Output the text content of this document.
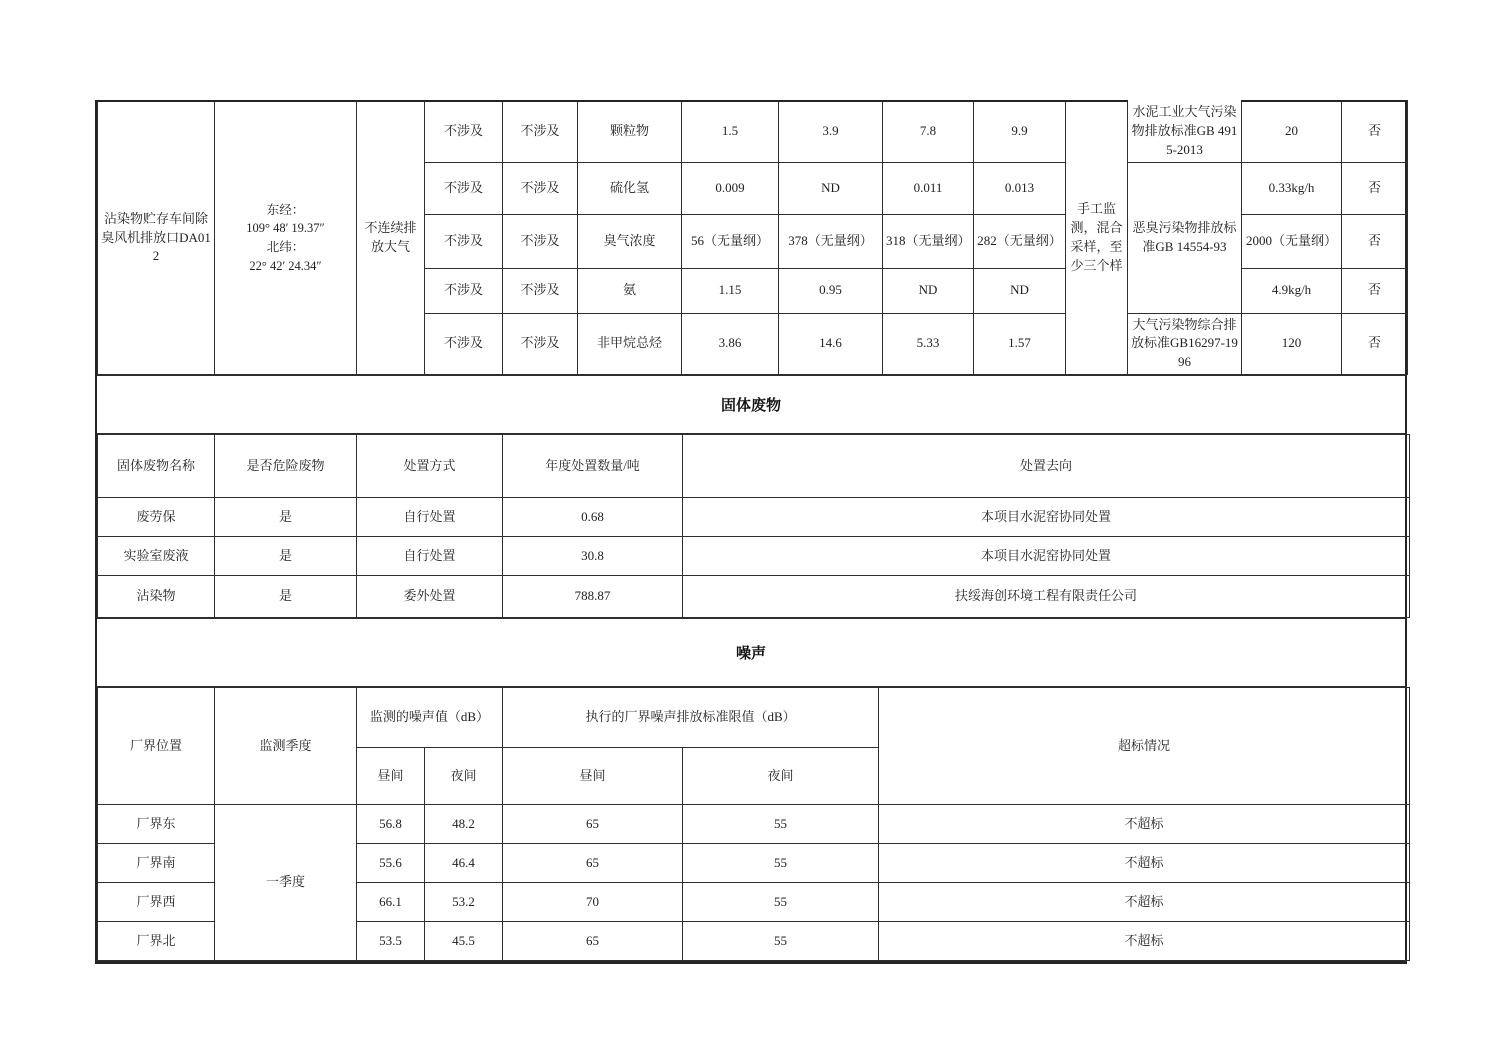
沾染物贮存车间除臭风机排放口DA012	东经：
109° 48′ 19.37″
北纬：
22° 42′ 24.34″	不连续排放大气	不涉及	不涉及	颗粒物	1.5	3.9	7.8	9.9	手工监测，混合采样，至少三个样	水泥工业大气污染物排放标准GB 4915-2013	20	否
			不涉及	不涉及	硫化氢	0.009	ND	0.011	0.013		恶臭污染物排放标准GB 14554-93	0.33kg/h	否
			不涉及	不涉及	臭气浓度	56（无量纲）	378（无量纲）	318（无量纲）	282（无量纲）			2000（无量纲）	否
			不涉及	不涉及	氨	1.15	0.95	ND	ND			4.9kg/h	否
			不涉及	不涉及	非甲烷总烃	3.86	14.6	5.33	1.57		大气污染物综合排放标准GB16297-1996	120	否
固体废物
固体废物名称	是否危险废物	处置方式	年度处置数量/吨	处置去向
废劳保	是	自行处置	0.68	本项目水泥窑协同处置
实验室废液	是	自行处置	30.8	本项目水泥窑协同处置
沾染物	是	委外处置	788.87	扶绥海创环境工程有限责任公司
噪声
厂界位置	监测季度	监测的噪声值（dB）		执行的厂界噪声排放标准限值（dB）		超标情况
		昼间	夜间	昼间	夜间	
厂界东	一季度	56.8	48.2	65	55	不超标
厂界南		55.6	46.4	65	55	不超标
厂界西		66.1	53.2	70	55	不超标
厂界北		53.5	45.5	65	55	不超标
